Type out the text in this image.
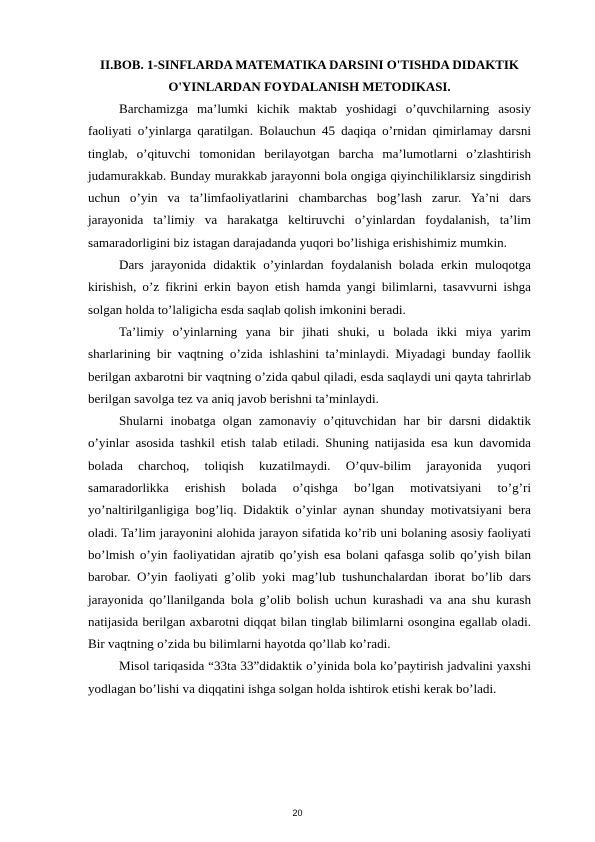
II.BOB. 1-SINFLARDA MATEMATIKA DARSINI O'TISHDA DIDAKTIK
O'YINLARDAN FOYDALANISH METODIKASI.

Barchamizga ma’lumki kichik maktab yoshidagi o’quvchilarning asosiy faoliyati o’yinlarga qaratilgan. Bolauchun 45 daqiqa o’rnidan qimirlamay darsni tinglab, o’qituvchi tomonidan berilayotgan barcha ma’lumotlarni o’zlashtirish judamurakkab. Bunday murakkab jarayonni bola ongiga qiyinchiliklarsiz singdirish uchun o’yin va ta’limfaoliyatlarini chambarchas bog’lash zarur. Ya’ni dars jarayonida ta’limiy va harakatga keltiruvchi o’yinlardan foydalanish, ta’lim samaradorligini biz istagan darajadanda yuqori bo’lishiga erishishimiz mumkin.

Dars jarayonida didaktik o’yinlardan foydalanish bolada erkin muloqotga kirishish, o’z fikrini erkin bayon etish hamda yangi bilimlarni, tasavvurni ishga solgan holda to’laligicha esda saqlab qolish imkonini beradi.

Ta’limiy o’yinlarning yana bir jihati shuki, u bolada ikki miya yarim sharlarining bir vaqtning o’zida ishlashini ta’minlaydi. Miyadagi bunday faollik berilgan axbarotni bir vaqtning o’zida qabul qiladi, esda saqlaydi uni qayta tahrirlab berilgan savolga tez va aniq javob berishni ta’minlaydi.

Shularni inobatga olgan zamonaviy o’qituvchidan har bir darsni didaktik o’yinlar asosida tashkil etish talab etiladi. Shuning natijasida esa kun davomida bolada charchoq, toliqish kuzatilmaydi. O’quv-bilim jarayonida yuqori samaradorlikka erishish bolada o’qishga bo’lgan motivatsiyani to’g’ri yo’naltirilganligiga bog’liq. Didaktik o’yinlar aynan shunday motivatsiyani bera oladi. Ta’lim jarayonini alohida jarayon sifatida ko’rib uni bolaning asosiy faoliyati bo’lmish o’yin faoliyatidan ajratib qo’yish esa bolani qafasga solib qo’yish bilan barobar. O’yin faoliyati g’olib yoki mag’lub tushunchalardan iborat bo’lib dars jarayonida qo’llanilganda bola g’olib bolish uchun kurashadi va ana shu kurash natijasida berilgan axbarotni diqqat bilan tinglab bilimlarni osongina egallab oladi. Bir vaqtning o’zida bu bilimlarni hayotda qo’llab ko’radi.

Misol tariqasida “33ta 33”didaktik o’yinida bola ko’paytirish jadvalini yaxshi yodlagan bo’lishi va diqqatini ishga solgan holda ishtirok etishi kerak bo’ladi.

20
